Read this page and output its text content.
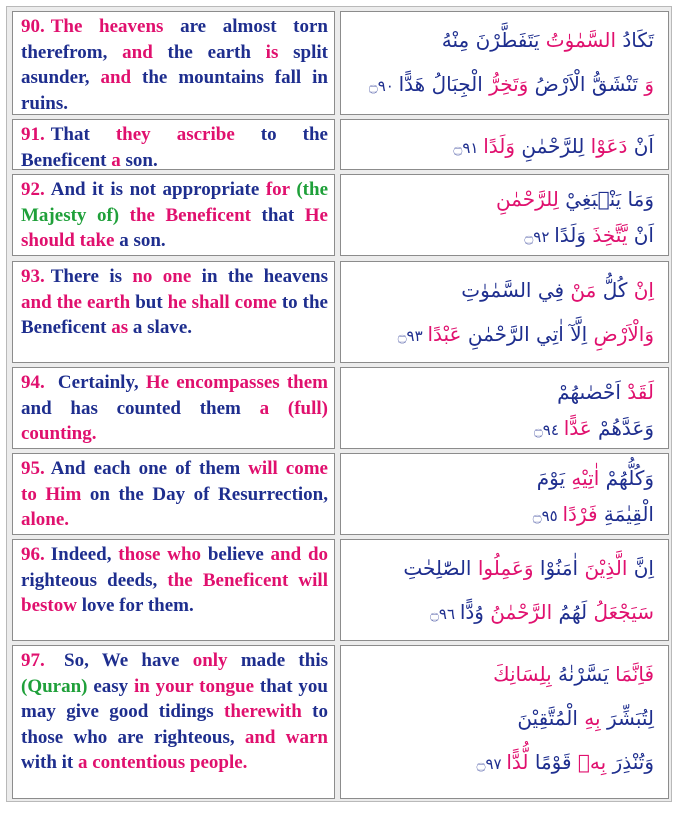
90. The heavens are almost torn therefrom, and the earth is split asunder, and the mountains fall in ruins.
تَكَادُ السَّمٰوٰتُ يَتَفَطَّرْنَ مِنْهُ
وَ تَنْشَقُّ الْاَرْضُ وَتَخِرُّ الْجِبَالُ هَدًّا ۝٩٠
91. That they ascribe to the Beneficent a son.
اَنْ دَعَوْا لِلرَّحْمٰنِ وَلَدًا ۝٩١
92. And it is not appropriate for (the Majesty of) the Beneficent that He should take a son.
وَمَا يَنْۢبَغِيْ لِلرَّحْمٰنِ
اَنْ يَّتَّخِذَ وَلَدًا ۝٩٢
93. There is no one in the heavens and the earth but he shall come to the Beneficent as a slave.
اِنْ كُلُّ مَنْ فِي السَّمٰوٰتِ
وَالْاَرْضِ اِلَّآ اٰتِي الرَّحْمٰنِ عَبْدًا ۝٩٣
94. Certainly, He encompasses them and has counted them a (full) counting.
لَقَدْ اَحْصٰىهُمْ
وَعَدَّهُمْ عَدًّا ۝٩٤
95. And each one of them will come to Him on the Day of Resurrection, alone.
وَكُلُّهُمْ اٰتِيْهِ يَوْمَ
الْقِيٰمَةِ فَرْدًا ۝٩٥
96. Indeed, those who believe and do righteous deeds, the Beneficent will bestow love for them.
اِنَّ الَّذِيْنَ اٰمَنُوْا وَعَمِلُوا الصّٰلِحٰتِ
سَيَجْعَلُ لَهُمُ الرَّحْمٰنُ وُدًّا ۝٩٦
97. So, We have only made this (Quran) easy in your tongue that you may give good tidings therewith to those who are righteous, and warn with it a contentious people.
فَاِنَّمَا يَسَّرْنٰهُ بِلِسَانِكَ
لِتُبَشِّرَ بِهِ الْمُتَّقِيْنَ
وَتُنْذِرَ بِهٖ قَوْمًا لُّدًّا ۝٩٧
